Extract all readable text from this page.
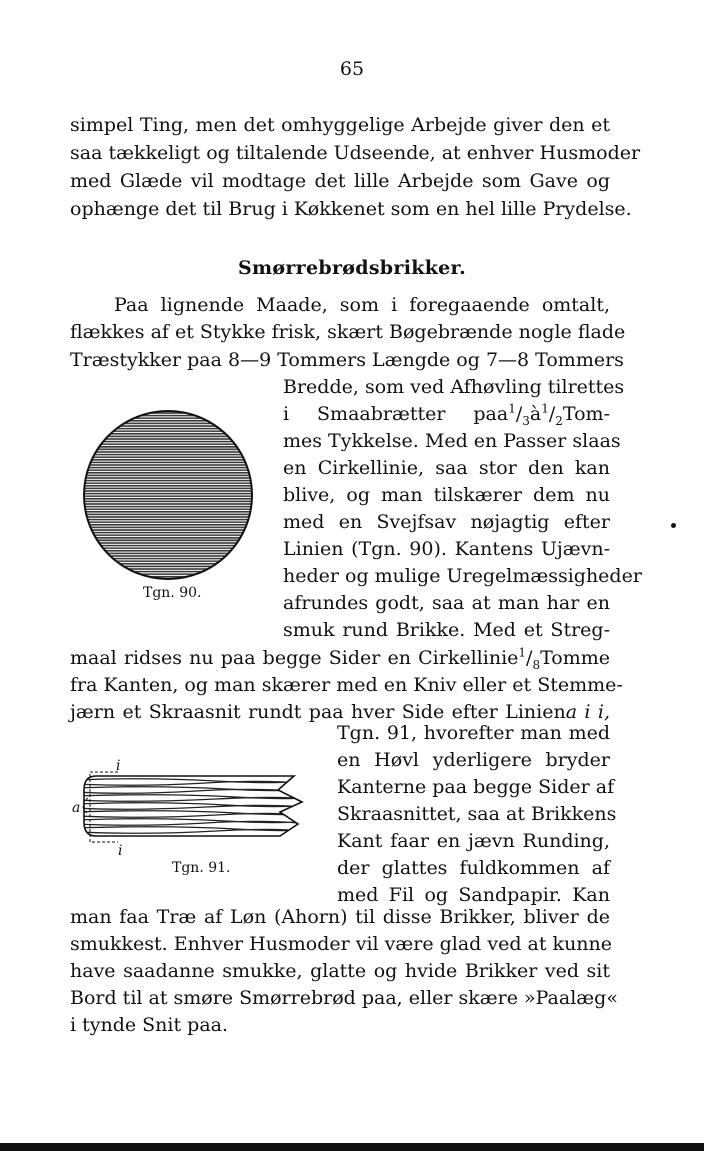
65
simpel Ting, men det omhyggelige Arbejde giver den et
saa tækkeligt og tiltalende Udseende, at enhver Husmoder
med Glæde vil modtage det lille Arbejde som Gave og
ophænge det til Brug i Køkkenet som en hel lille Prydelse.
Smørrebrødsbrikker.
Paa lignende Maade, som i foregaaende omtalt,
flækkes af et Stykke frisk, skært Bøgebrænde nogle flade
Træstykker paa 8—9 Tommers Længde og 7—8 Tommers
Bredde, som ved Afhøvling tilrettes
i Smaabrætter $paa^1/_3à^1/_2Tom-$
mes Tykkelse. Med en Passer slaas
en Cirkellinie, saa stor den kan
blive, og man tilskærer dem nu
med en Svejfsav nøjagtig efter
Linien (Tgn. 90). Kantens Ujævn-
heder og mulige Uregelmæssigheder
afrundes godt, saa at man har en
smuk rund Brikke. Med et Streg-
Tgn. 90.
maal ridses nu paa begge Sider en $Cirkellinie^1/_8Tomme$
fra Kanten, og man skærer med en Kniv eller et Stemme-
jærn et Skraasnit rundt paa hver Side efter Liniena i i,
Tgn. 91, hvorefter man med
en Høvl yderligere bryder
Kanterne paa begge Sider af
Skraasnittet, saa at Brikkens
Kant faar en jævn Runding,
der glattes fuldkommen af
med Fil og Sandpapir. Kan
i
a
i
Tgn. 91.
man faa Træ af Løn (Ahorn) til disse Brikker, bliver de
smukkest. Enhver Husmoder vil være glad ved at kunne
have saadanne smukke, glatte og hvide Brikker ved sit
Bord til at smøre Smørrebrød paa, eller skære »Paalæg«
i tynde Snit paa.
